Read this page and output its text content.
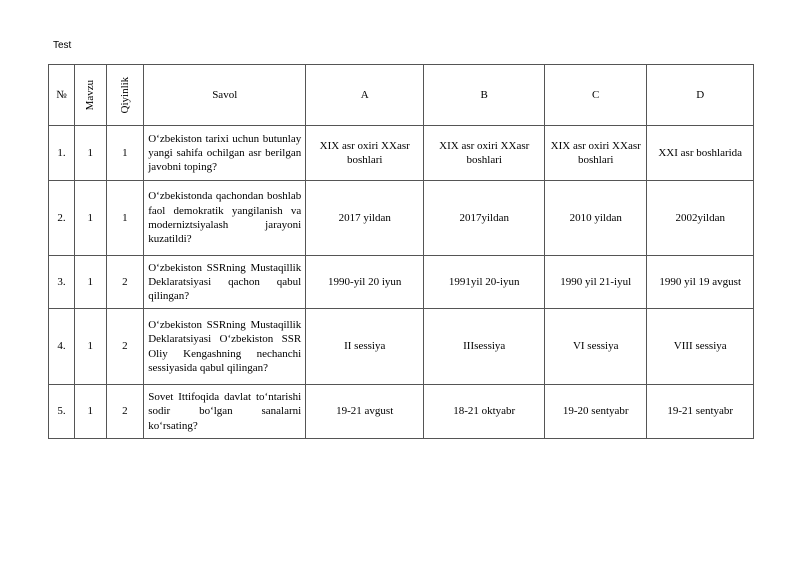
Test
№	Mavzu	Qiyinlik	Savol	A	B	C	D
1.	1	1	O‘zbekiston tarixi uchun butunlay yangi sahifa ochilgan asr berilgan javobni toping?	XIX asr oxiri XXasr boshlari	XIX asr oxiri XXasr boshlari	XIX asr oxiri XXasr boshlari	XXI asr boshlarida
2.	1	1	O‘zbekistonda qachondan boshlab faol demokratik yangilanish va moderniztsiyalash jarayoni kuzatildi?	2017 yildan	2017yildan	2010 yildan	2002yildan
3.	1	2	O‘zbekiston SSRning Mustaqillik Deklaratsiyasi qachon qabul qilingan?	1990-yil 20 iyun	1991yil 20-iyun	1990 yil 21-iyul	1990 yil 19 avgust
4.	1	2	O‘zbekiston SSRning Mustaqillik Deklaratsiyasi O‘zbekiston SSR Oliy Kengashning nechanchi sessiyasida qabul qilingan?	II sessiya	IIIsessiya	VI sessiya	VIII sessiya
5.	1	2	Sovet Ittifoqida davlat to‘ntarishi sodir bo‘lgan sanalarni ko‘rsating?	19-21 avgust	18-21 oktyabr	19-20 sentyabr	19-21 sentyabr
